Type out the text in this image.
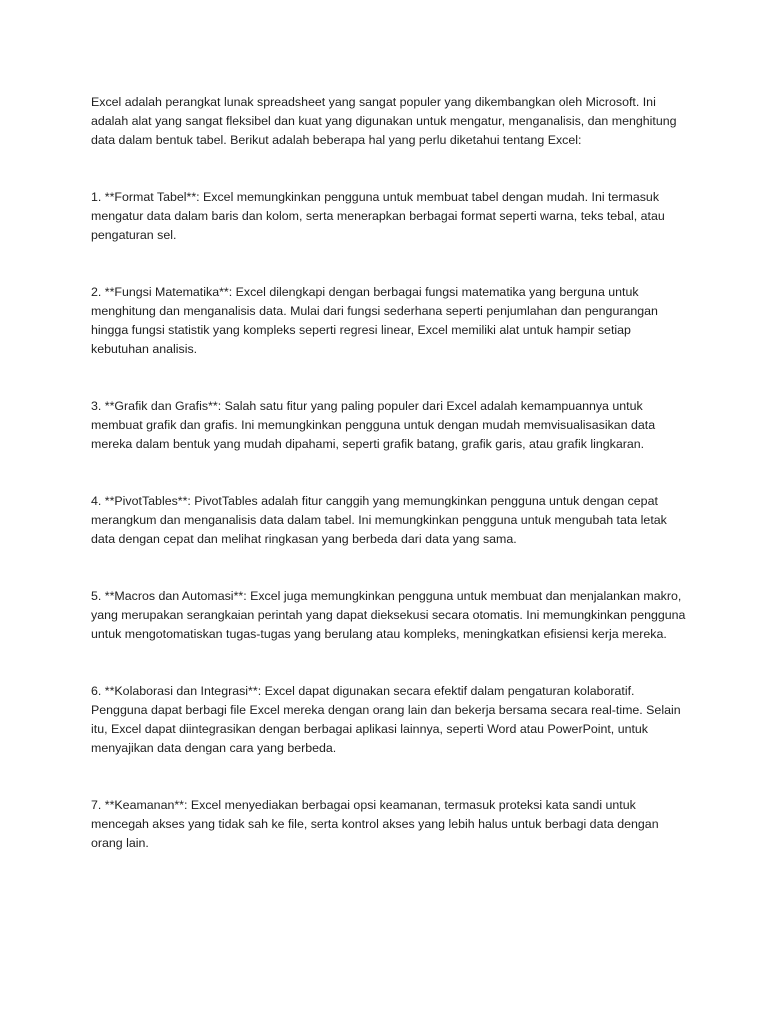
Excel adalah perangkat lunak spreadsheet yang sangat populer yang dikembangkan oleh Microsoft. Ini adalah alat yang sangat fleksibel dan kuat yang digunakan untuk mengatur, menganalisis, dan menghitung data dalam bentuk tabel. Berikut adalah beberapa hal yang perlu diketahui tentang Excel:

1. **Format Tabel**: Excel memungkinkan pengguna untuk membuat tabel dengan mudah. Ini termasuk mengatur data dalam baris dan kolom, serta menerapkan berbagai format seperti warna, teks tebal, atau pengaturan sel.

2. **Fungsi Matematika**: Excel dilengkapi dengan berbagai fungsi matematika yang berguna untuk menghitung dan menganalisis data. Mulai dari fungsi sederhana seperti penjumlahan dan pengurangan hingga fungsi statistik yang kompleks seperti regresi linear, Excel memiliki alat untuk hampir setiap kebutuhan analisis.

3. **Grafik dan Grafis**: Salah satu fitur yang paling populer dari Excel adalah kemampuannya untuk membuat grafik dan grafis. Ini memungkinkan pengguna untuk dengan mudah memvisualisasikan data mereka dalam bentuk yang mudah dipahami, seperti grafik batang, grafik garis, atau grafik lingkaran.

4. **PivotTables**: PivotTables adalah fitur canggih yang memungkinkan pengguna untuk dengan cepat merangkum dan menganalisis data dalam tabel. Ini memungkinkan pengguna untuk mengubah tata letak data dengan cepat dan melihat ringkasan yang berbeda dari data yang sama.

5. **Macros dan Automasi**: Excel juga memungkinkan pengguna untuk membuat dan menjalankan makro, yang merupakan serangkaian perintah yang dapat dieksekusi secara otomatis. Ini memungkinkan pengguna untuk mengotomatiskan tugas-tugas yang berulang atau kompleks, meningkatkan efisiensi kerja mereka.

6. **Kolaborasi dan Integrasi**: Excel dapat digunakan secara efektif dalam pengaturan kolaboratif. Pengguna dapat berbagi file Excel mereka dengan orang lain dan bekerja bersama secara real-time. Selain itu, Excel dapat diintegrasikan dengan berbagai aplikasi lainnya, seperti Word atau PowerPoint, untuk menyajikan data dengan cara yang berbeda.

7. **Keamanan**: Excel menyediakan berbagai opsi keamanan, termasuk proteksi kata sandi untuk mencegah akses yang tidak sah ke file, serta kontrol akses yang lebih halus untuk berbagi data dengan orang lain.
